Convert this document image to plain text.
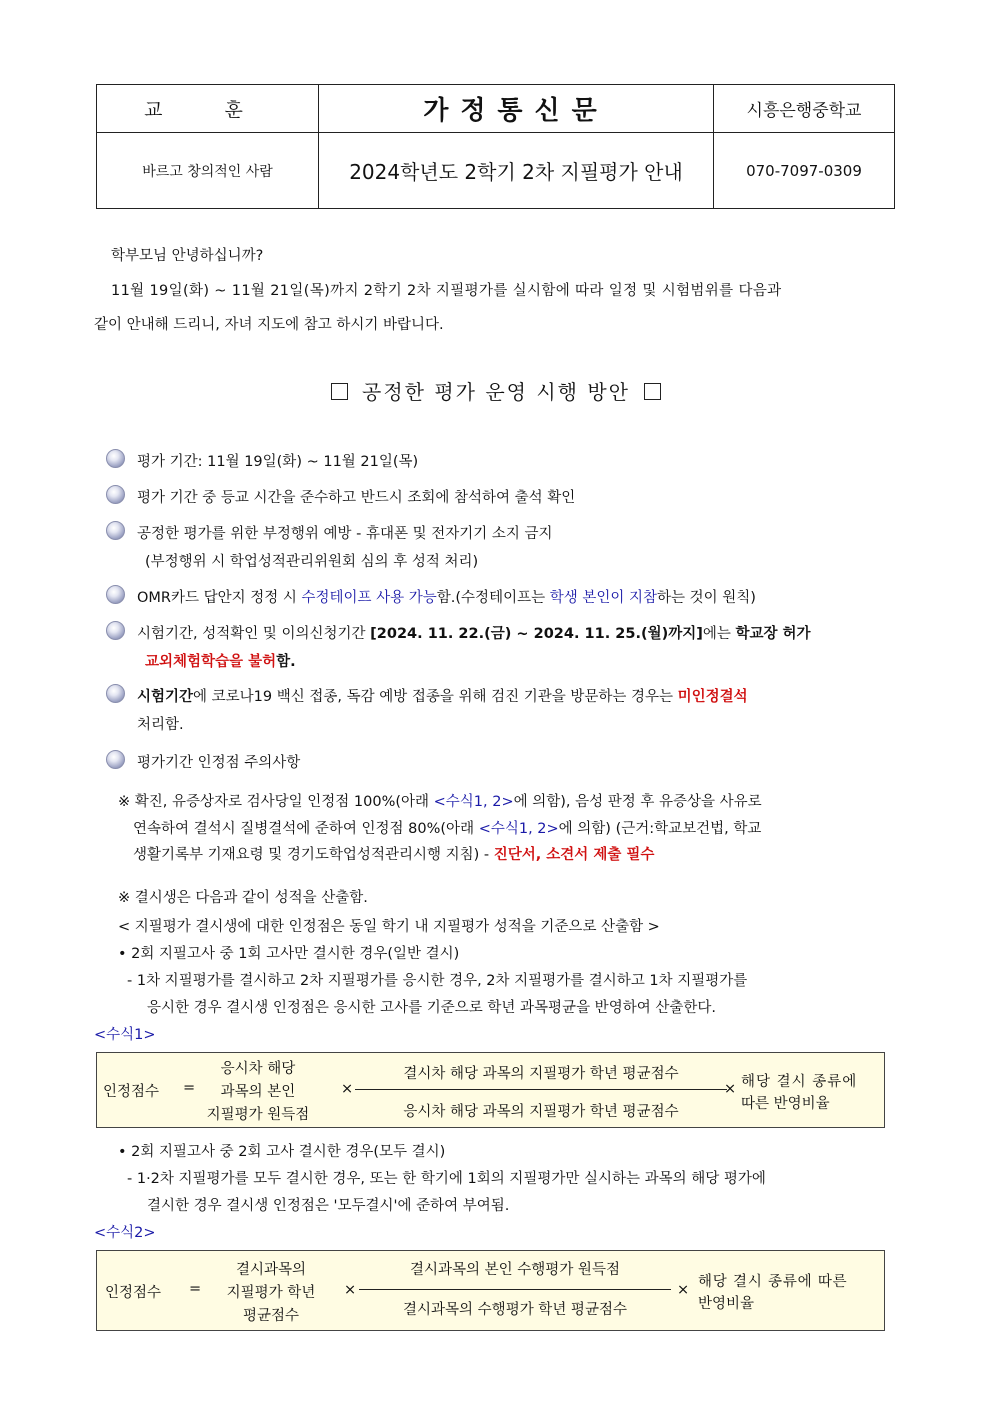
교 훈	가정통신문	시흥은행중학교
바르고 창의적인 사람	2024학년도 2학기 2차 지필평가 안내	070-7097-0309
학부모님 안녕하십니까?
11월 19일(화) ~ 11월 21일(목)까지 2학기 2차 지필평가를 실시함에 따라 일정 및 시험범위를 다음과
같이 안내해 드리니, 자녀 지도에 참고 하시기 바랍니다.
공정한 평가 운영 시행 방안
평가 기간: 11월 19일(화) ~ 11월 21일(목)
평가 기간 중 등교 시간을 준수하고 반드시 조회에 참석하여 출석 확인
공정한 평가를 위한 부정행위 예방 - 휴대폰 및 전자기기 소지 금지
(부정행위 시 학업성적관리위원회 심의 후 성적 처리)
OMR카드 답안지 정정 시 수정테이프 사용 가능함.(수정테이프는 학생 본인이 지참하는 것이 원칙)
시험기간, 성적확인 및 이의신청기간 [2024. 11. 22.(금) ~ 2024. 11. 25.(월)까지]에는 학교장 허가
교외체험학습을 불허함.
시험기간에 코로나19 백신 접종, 독감 예방 접종을 위해 검진 기관을 방문하는 경우는 미인정결석
처리함.
평가기간 인정점 주의사항
※ 확진, 유증상자로 검사당일 인정점 100%(아래 <수식1, 2>에 의함), 음성 판정 후 유증상을 사유로
연속하여 결석시 질병결석에 준하여 인정점 80%(아래 <수식1, 2>에 의함) (근거:학교보건법, 학교
생활기록부 기재요령 및 경기도학업성적관리시행 지침) - 진단서, 소견서 제출 필수
※ 결시생은 다음과 같이 성적을 산출함.
< 지필평가 결시생에 대한 인정점은 동일 학기 내 지필평가 성적을 기준으로 산출함 >
• 2회 지필고사 중 1회 고사만 결시한 경우(일반 결시)
- 1차 지필평가를 결시하고 2차 지필평가를 응시한 경우, 2차 지필평가를 결시하고 1차 지필평가를
응시한 경우 결시생 인정점은 응시한 고사를 기준으로 학년 과목평균을 반영하여 산출한다.
<수식1>
인정점수 =
응시차 해당
과목의 본인
지필평가 원득점
×
결시차 해당 과목의 지필평가 학년 평균점수
응시차 해당 과목의 지필평가 학년 평균점수
× 해당 결시 종류에
따른 반영비율
• 2회 지필고사 중 2회 고사 결시한 경우(모두 결시)
- 1·2차 지필평가를 모두 결시한 경우, 또는 한 학기에 1회의 지필평가만 실시하는 과목의 해당 평가에
결시한 경우 결시생 인정점은 '모두결시'에 준하여 부여됨.
<수식2>
인정점수 =
결시과목의
지필평가 학년
평균점수
×
결시과목의 본인 수행평가 원득점
결시과목의 수행평가 학년 평균점수
× 해당 결시 종류에 따른
반영비율
